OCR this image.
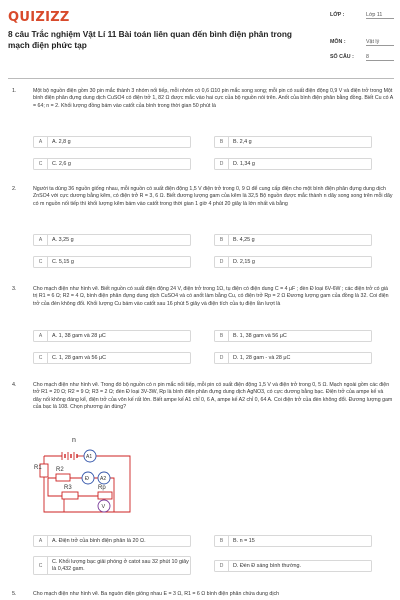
QUIZIZZ
8 câu Trắc nghiệm Vật Lí 11 Bài toán liên quan đến bình điện phân trong mạch điện phức tạp
LỚP :	Lớp 11
MÔN :	Vật lý
SỐ CÂU : 8
1.	Một bộ nguồn điện gồm 30 pin mắc thành 3 nhóm nối tiếp, mỗi nhóm có 0,6 Ω10 pin mắc song song; mỗi pin có suất điện động 0,9 V và điện trở trong Một bình điện phân đựng dung dịch CuSO4 có điện trở 1, 82 Ω được mắc vào hai cực của bộ nguồn nói trên. Anốt của bình điện phân bằng đồng. Biết Cu có A = 64; n = 2. Khối lượng đồng bám vào catốt của bình trong thời gian 50 phút là
A	A. 2,8 g	B	B. 2,4 g
C	C. 2,6 g	D	D. 1,34 g
2.	Người ta dùng 36 nguồn giống nhau, mỗi nguồn có suất điện động 1,5 V điện trở trong 0, 9 Ω để cung cấp điện cho một bình điện phân đựng dung dịch ZnSO4 với cực dương bằng kẽm, có điện trở R = 3, 6 Ω. Biết đương lượng gam của kẽm là 32,5 Bộ nguồn được mắc thành n dãy song song trên mỗi dãy có m nguồn nối tiếp thì khối lượng kẽm bám vào catốt trong thời gian 1 giờ 4 phút 20 giây là lớn nhất và bằng
A	A. 3,25 g	B	B. 4,25 g
C	C. 5,15 g	D	D. 2,15 g
3.	Cho mạch điện như hình vẽ. Biết nguồn có suất điện động 24 V, điện trở trong 1Ω, tụ điện có điện dung C = 4 μF ; đèn Đ loại 6V-6W ; các điện trở có giá trị R1 = 6 Ω; R2 = 4 Ω, bình điện phân đựng dung dịch CuSO4 và có anốt làm bằng Cu, có điện trở Rp = 2 Ω Đương lượng gam của đồng là 32. Coi điện trở của đèn không đổi. Khối lượng Cu bám vào catốt sau 16 phút 5 giây và điện tích của tụ điện lần lượt là
A	A. 1, 38 gam và 28 μC	B	B. 1, 38 gam và 56 μC
C	C. 1, 28 gam và 56 μC	D	D. 1, 28 gam - và 28 μC
4.	Cho mạch điện như hình vẽ. Trong đó bộ nguồn có n pin mắc nối tiếp, mỗi pin có suất điện động 1,5 V và điện trở trong 0, 5 Ω. Mạch ngoài gồm các điện trở R1 = 20 Ω; R2 = 9 Ω; R3 = 2 Ω; đèn Đ loại 3V-3W, Rp là bình điện phân đựng dung dịch AgNO3, có cực dương bằng bạc. Điện trở của ampe kế và dây nối không đáng kể, điện trở của vôn kế rất lớn. Biết ampe kế A1 chỉ 0, 6 A, ampe kế A2 chỉ 0, 64 A. Coi điện trở của đèn không đổi. Đương lượng gam của bạc là 108. Chọn phương án đúng?
n
R1 R2
R3	Rp
A1
Đ A2
V
A	A. Điện trở của bình điện phân là 20 Ω.	B	B. n = 15
C
C. Khối lượng bạc giải phóng ở catot sau 32 phút 10 giây là 0,432 gam.	D	D. Đèn Đ sáng bình thường.
5.	Cho mạch điện như hình vẽ. Ba nguồn điện giống nhau E = 3 Ω, R1 = 6 Ω bình điện phân chứa dung dịch
